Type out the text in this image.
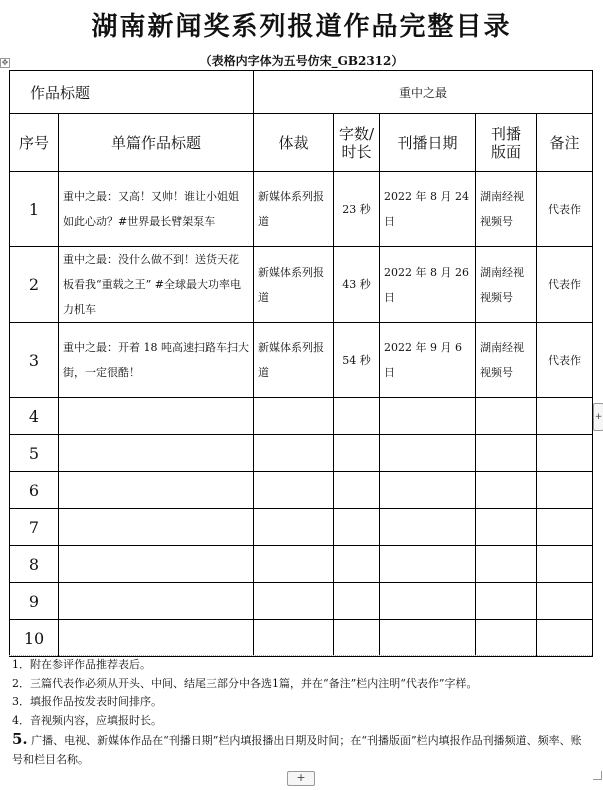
湖南新闻奖系列报道作品完整目录
（表格内字体为五号仿宋_GB2312）
✥
作品标题		重中之最				
序号	单篇作品标题	体裁	字数/时长	刊播日期	刊播版面	备注
1	重中之最：又高！又帅！谁让小姐姐如此心动？#世界最长臂架泵车	新媒体系列报道	23 秒	2022 年 8 月 24 日	湖南经视视频号	代表作
2	重中之最：没什么做不到！送货天花板看我“重载之王” #全球最大功率电力机车	新媒体系列报道	43 秒	2022 年 8 月 26 日	湖南经视视频号	代表作
3	重中之最：开着 18 吨高速扫路车扫大街，一定很酷！	新媒体系列报道	54 秒	2022 年 9 月 6 日	湖南经视视频号	代表作
4						
5						
6						
7						
8						
9						
10						

1．附在参评作品推荐表后。

2．三篇代表作必须从开头、中间、结尾三部分中各选1篇，并在“备注”栏内注明“代表作”字样。

3．填报作品按发表时间排序。

4．音视频内容，应填报时长。

5. 广播、电视、新媒体作品在“刊播日期”栏内填报播出日期及时间；在“刊播版面”栏内填报作品刊播频道、频率、账号和栏目名称。

+
+
